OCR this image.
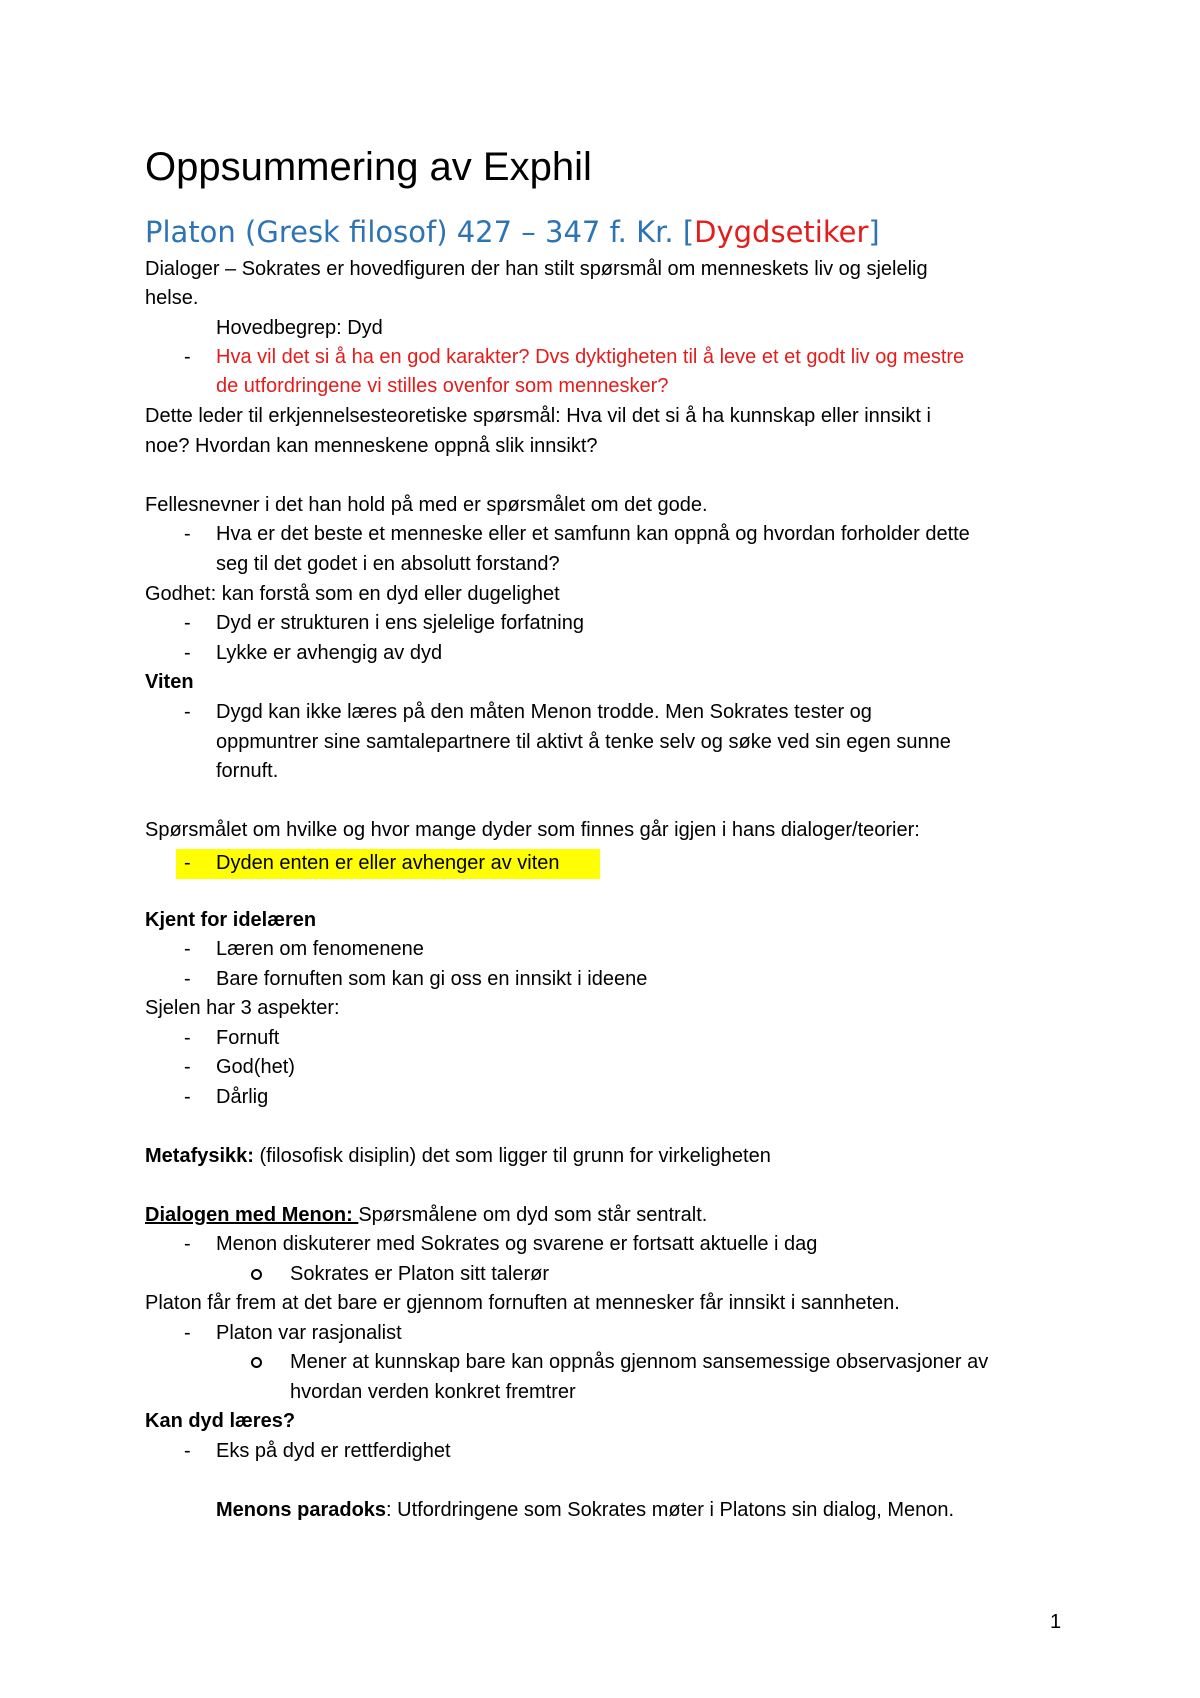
Oppsummering av Exphil
Platon (Gresk filosof) 427 – 347 f. Kr. [Dygdsetiker]
Dialoger – Sokrates er hovedfiguren der han stilt spørsmål om menneskets liv og sjelelig
helse.
Hovedbegrep: Dyd
- Hva vil det si å ha en god karakter? Dvs dyktigheten til å leve et et godt liv og mestre
de utfordringene vi stilles ovenfor som mennesker?
Dette leder til erkjennelsesteoretiske spørsmål: Hva vil det si å ha kunnskap eller innsikt i
noe? Hvordan kan menneskene oppnå slik innsikt?
Fellesnevner i det han hold på med er spørsmålet om det gode.
- Hva er det beste et menneske eller et samfunn kan oppnå og hvordan forholder dette
seg til det godet i en absolutt forstand?
Godhet: kan forstå som en dyd eller dugelighet
- Dyd er strukturen i ens sjelelige forfatning
- Lykke er avhengig av dyd
Viten
- Dygd kan ikke læres på den måten Menon trodde. Men Sokrates tester og
oppmuntrer sine samtalepartnere til aktivt å tenke selv og søke ved sin egen sunne
fornuft.
Spørsmålet om hvilke og hvor mange dyder som finnes går igjen i hans dialoger/teorier:
- Dyden enten er eller avhenger av viten
Kjent for idelæren
- Læren om fenomenene
- Bare fornuften som kan gi oss en innsikt i ideene
Sjelen har 3 aspekter:
- Fornuft
- God(het)
- Dårlig
Metafysikk: (filosofisk disiplin) det som ligger til grunn for virkeligheten
Dialogen med Menon: Spørsmålene om dyd som står sentralt.
- Menon diskuterer med Sokrates og svarene er fortsatt aktuelle i dag
Sokrates er Platon sitt talerør
Platon får frem at det bare er gjennom fornuften at mennesker får innsikt i sannheten.
- Platon var rasjonalist
Mener at kunnskap bare kan oppnås gjennom sansemessige observasjoner av
hvordan verden konkret fremtrer
Kan dyd læres?
- Eks på dyd er rettferdighet
Menons paradoks: Utfordringene som Sokrates møter i Platons sin dialog, Menon.
1
